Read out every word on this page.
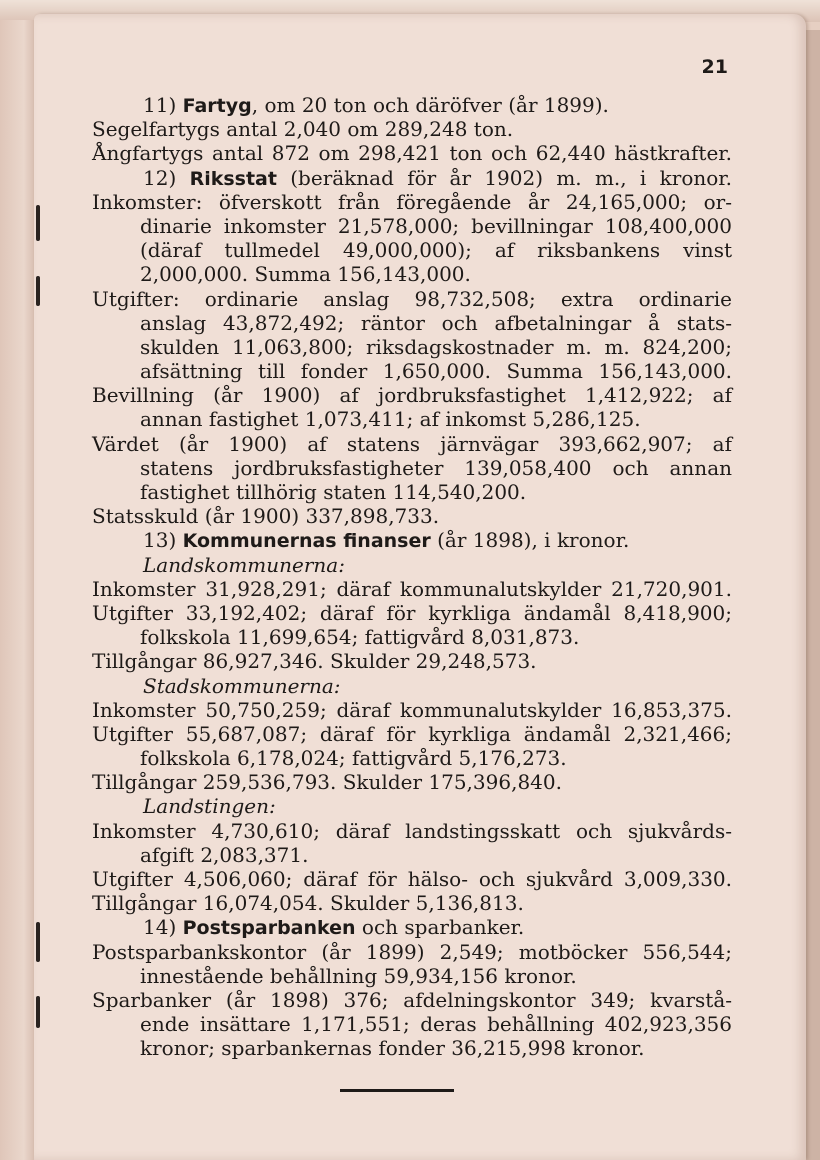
21
11) Fartyg, om 20 ton och däröfver (år 1899).
Segelfartygs antal 2,040 om 289,248 ton.
Ångfartygs antal 872 om 298,421 ton och 62,440 hästkrafter.
12) Riksstat (beräknad för år 1902) m. m., i kronor.
Inkomster: öfverskott från föregående år 24,165,000; or-
dinarie inkomster 21,578,000; bevillningar 108,400,000
(däraf tullmedel 49,000,000); af riksbankens vinst
2,000,000. Summa 156,143,000.
Utgifter: ordinarie anslag 98,732,508; extra ordinarie
anslag 43,872,492; räntor och afbetalningar å stats-
skulden 11,063,800; riksdagskostnader m. m. 824,200;
afsättning till fonder 1,650,000. Summa 156,143,000.
Bevillning (år 1900) af jordbruksfastighet 1,412,922; af
annan fastighet 1,073,411; af inkomst 5,286,125.
Värdet (år 1900) af statens järnvägar 393,662,907; af
statens jordbruksfastigheter 139,058,400 och annan
fastighet tillhörig staten 114,540,200.
Statsskuld (år 1900) 337,898,733.
13) Kommunernas finanser (år 1898), i kronor.
Landskommunerna:
Inkomster 31,928,291; däraf kommunalutskylder 21,720,901.
Utgifter 33,192,402; däraf för kyrkliga ändamål 8,418,900;
folkskola 11,699,654; fattigvård 8,031,873.
Tillgångar 86,927,346. Skulder 29,248,573.
Stadskommunerna:
Inkomster 50,750,259; däraf kommunalutskylder 16,853,375.
Utgifter 55,687,087; däraf för kyrkliga ändamål 2,321,466;
folkskola 6,178,024; fattigvård 5,176,273.
Tillgångar 259,536,793. Skulder 175,396,840.
Landstingen:
Inkomster 4,730,610; däraf landstingsskatt och sjukvårds-
afgift 2,083,371.
Utgifter 4,506,060; däraf för hälso- och sjukvård 3,009,330.
Tillgångar 16,074,054. Skulder 5,136,813.
14) Postsparbanken och sparbanker.
Postsparbankskontor (år 1899) 2,549; motböcker 556,544;
innestående behållning 59,934,156 kronor.
Sparbanker (år 1898) 376; afdelningskontor 349; kvarstå-
ende insättare 1,171,551; deras behållning 402,923,356
kronor; sparbankernas fonder 36,215,998 kronor.
